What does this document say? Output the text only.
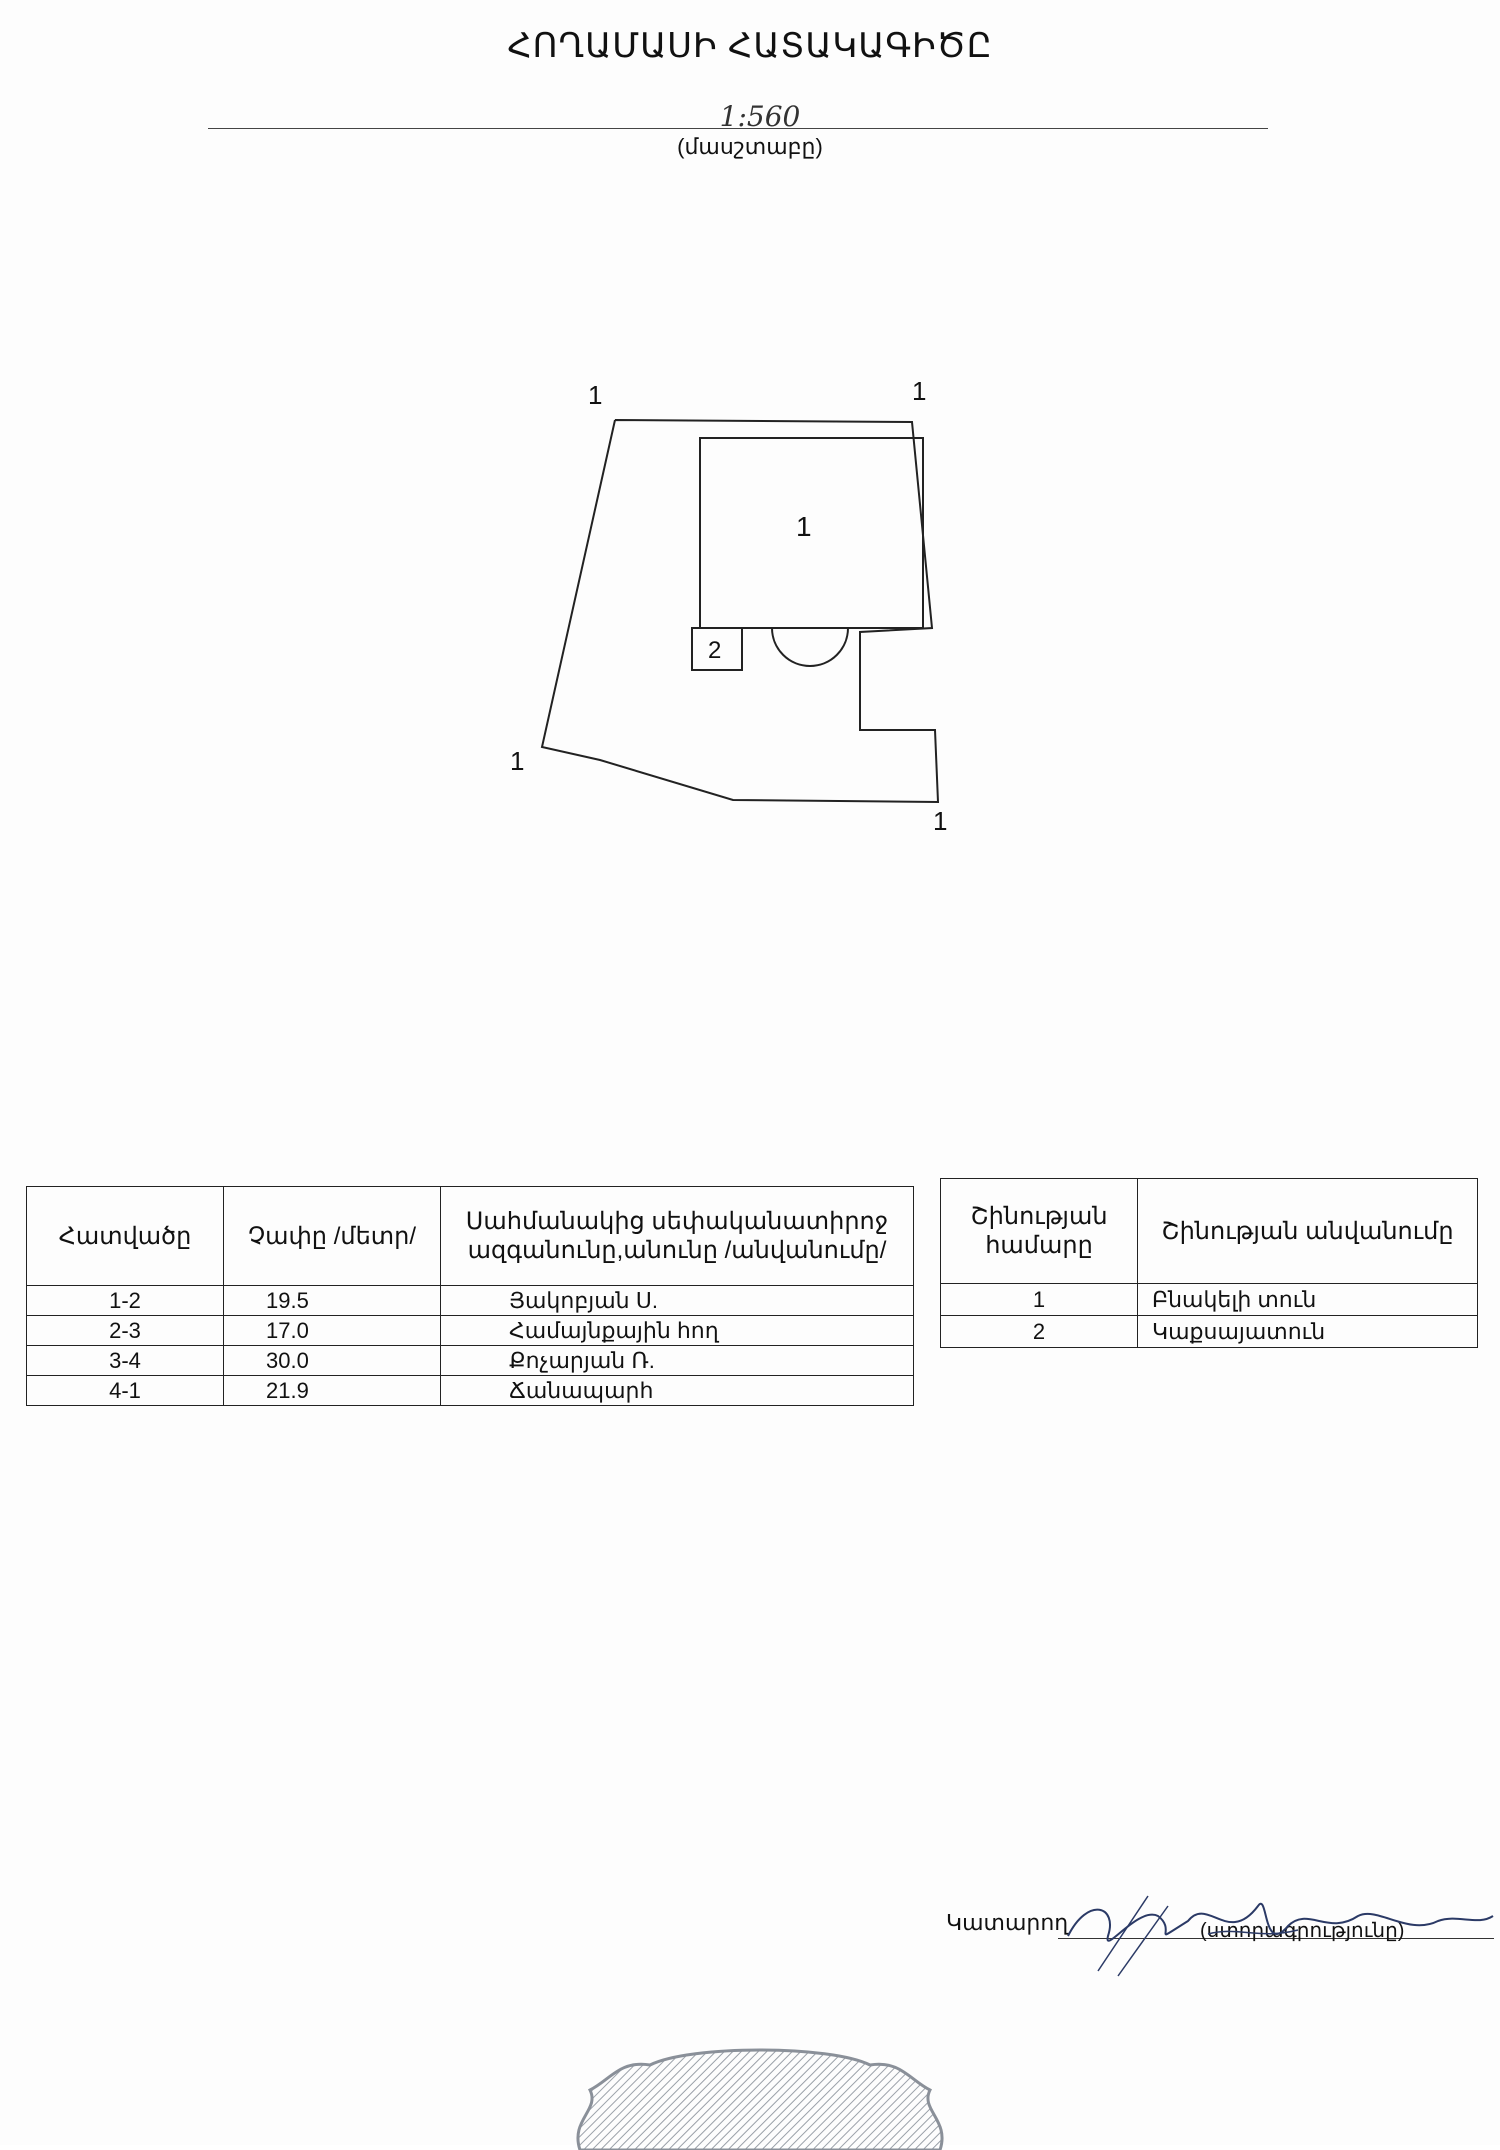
ՀՈՂԱՄԱՍԻ ՀԱՏԱԿԱԳԻԾԸ
1:560
(մասշտաբը)
1	1
1
1
1
2
Հատվածը	Չափը /մետր/	Սահմանակից սեփականատիրոջ ազգանունը,անունը /անվանումը/
1-2	19.5	Յակոբյան Ս.
2-3	17.0	Համայնքային հող
3-4	30.0	Քոչարյան Ռ.
4-1	21.9	Ճանապարհ
Շինության համարը	Շինության անվանումը
1	Բնակելի տուն
2	Կաքսայատուն
Կատարող	(ստորագրությունը)
